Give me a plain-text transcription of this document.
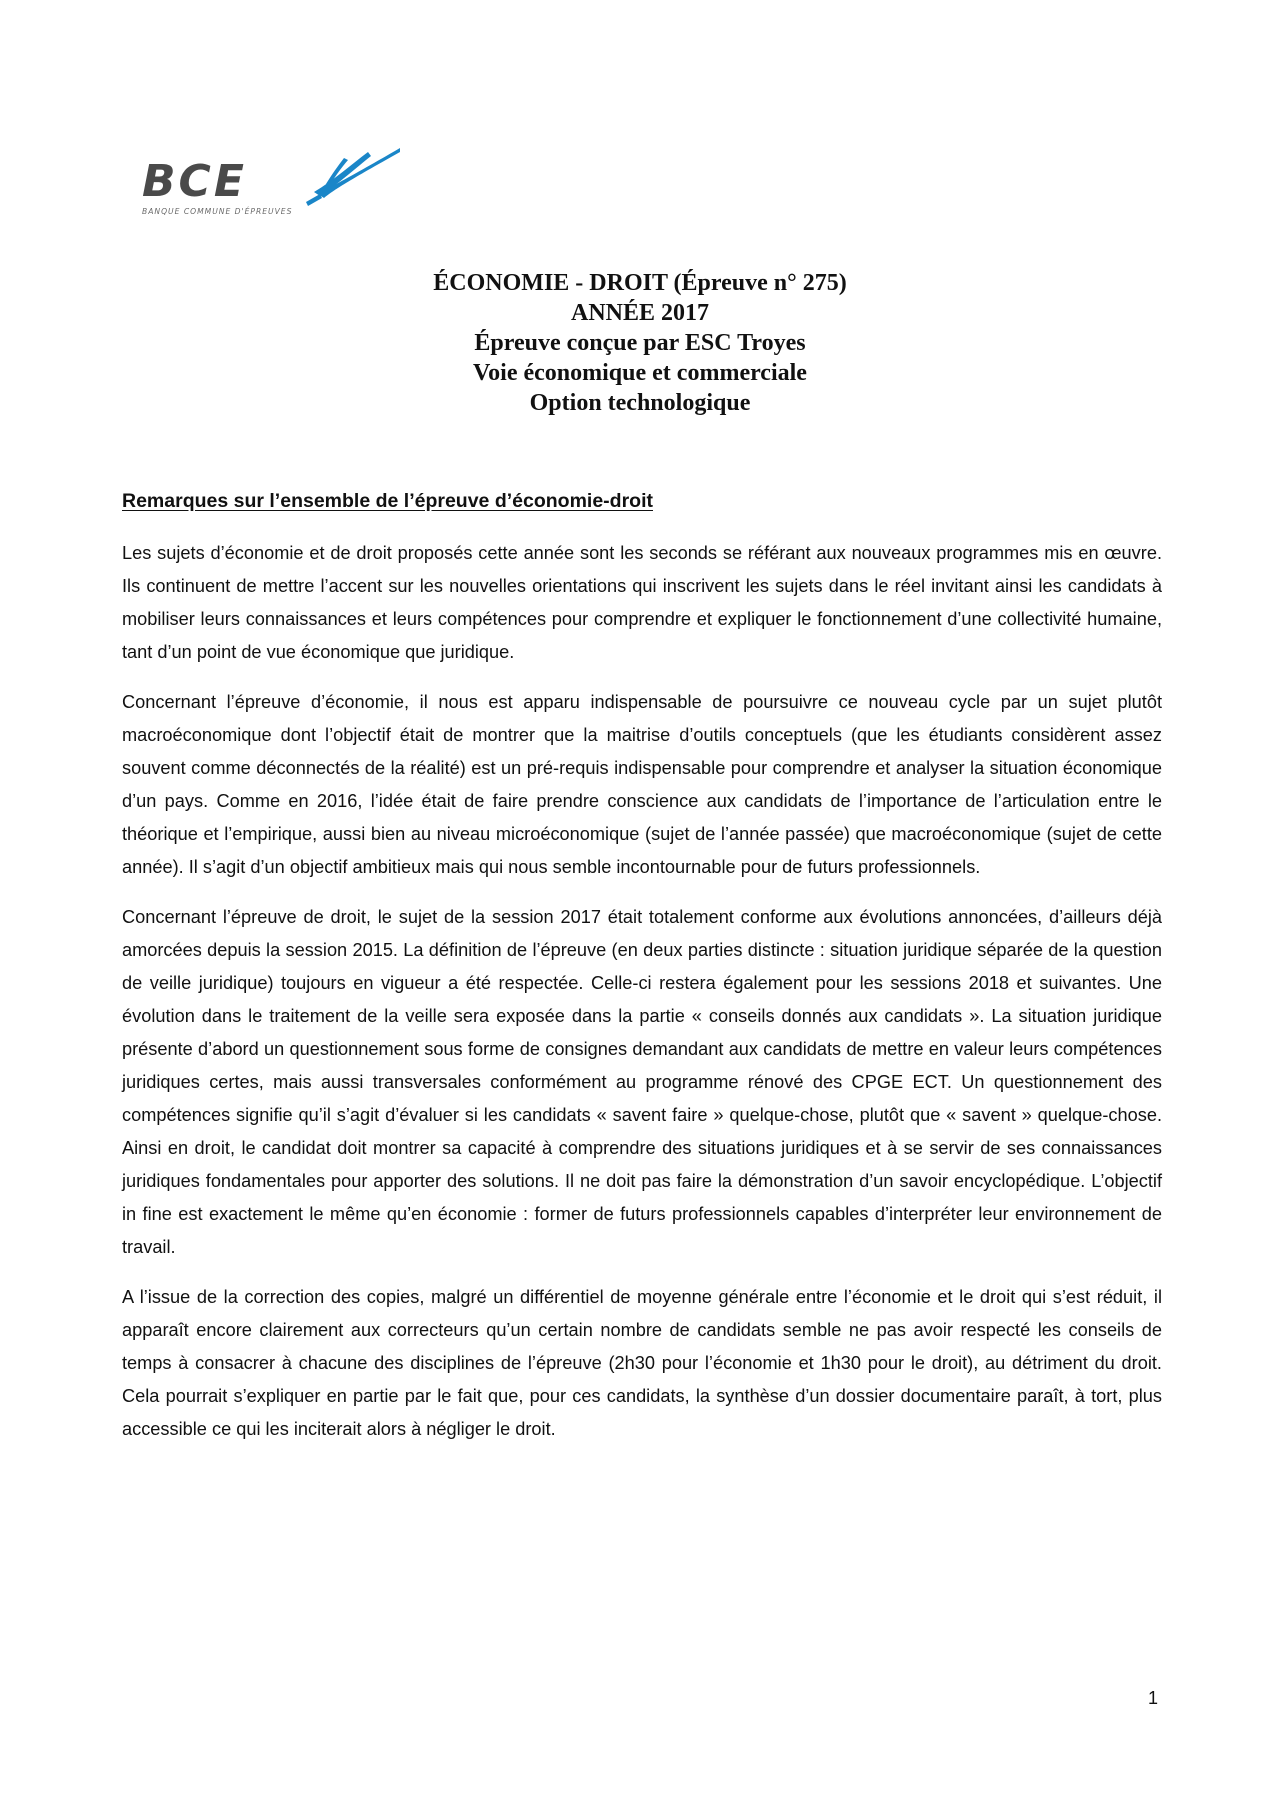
BCE
BANQUE COMMUNE D'ÉPREUVES
ÉCONOMIE - DROIT (Épreuve n° 275)
ANNÉE 2017
Épreuve conçue par ESC Troyes
Voie économique et commerciale
Option technologique
Remarques sur l’ensemble de l’épreuve d’économie-droit

Les sujets d’économie et de droit proposés cette année sont les seconds se référant aux nouveaux programmes mis en œuvre. Ils continuent de mettre l’accent sur les nouvelles orientations qui inscrivent les sujets dans le réel invitant ainsi les candidats à mobiliser leurs connaissances et leurs compétences pour comprendre et expliquer le fonctionnement d’une collectivité humaine, tant d’un point de vue économique que juridique.

Concernant l’épreuve d’économie, il nous est apparu indispensable de poursuivre ce nouveau cycle par un sujet plutôt macroéconomique dont l’objectif était de montrer que la maitrise d’outils conceptuels (que les étudiants considèrent assez souvent comme déconnectés de la réalité) est un pré-requis indispensable pour comprendre et analyser la situation économique d’un pays. Comme en 2016, l’idée était de faire prendre conscience aux candidats de l’importance de l’articulation entre le théorique et l’empirique, aussi bien au niveau microéconomique (sujet de l’année passée) que macroéconomique (sujet de cette année). Il s’agit d’un objectif ambitieux mais qui nous semble incontournable pour de futurs professionnels.

Concernant l’épreuve de droit, le sujet de la session 2017 était totalement conforme aux évolutions annoncées, d’ailleurs déjà amorcées depuis la session 2015. La définition de l’épreuve (en deux parties distincte : situation juridique séparée de la question de veille juridique) toujours en vigueur a été respectée. Celle-ci restera également pour les sessions 2018 et suivantes. Une évolution dans le traitement de la veille sera exposée dans la partie « conseils donnés aux candidats ». La situation juridique présente d’abord un questionnement sous forme de consignes demandant aux candidats de mettre en valeur leurs compétences juridiques certes, mais aussi transversales conformément au programme rénové des CPGE ECT. Un questionnement des compétences signifie qu’il s’agit d’évaluer si les candidats « savent faire » quelque-chose, plutôt que « savent » quelque-chose. Ainsi en droit, le candidat doit montrer sa capacité à comprendre des situations juridiques et à se servir de ses connaissances juridiques fondamentales pour apporter des solutions. Il ne doit pas faire la démonstration d’un savoir encyclopédique. L’objectif in fine est exactement le même qu’en économie : former de futurs professionnels capables d’interpréter leur environnement de travail.

A l’issue de la correction des copies, malgré un différentiel de moyenne générale entre l’économie et le droit qui s’est réduit, il apparaît encore clairement aux correcteurs qu’un certain nombre de candidats semble ne pas avoir respecté les conseils de temps à consacrer à chacune des disciplines de l’épreuve (2h30 pour l’économie et 1h30 pour le droit), au détriment du droit. Cela pourrait s’expliquer en partie par le fait que, pour ces candidats, la synthèse d’un dossier documentaire paraît, à tort, plus accessible ce qui les inciterait alors à négliger le droit.

1
